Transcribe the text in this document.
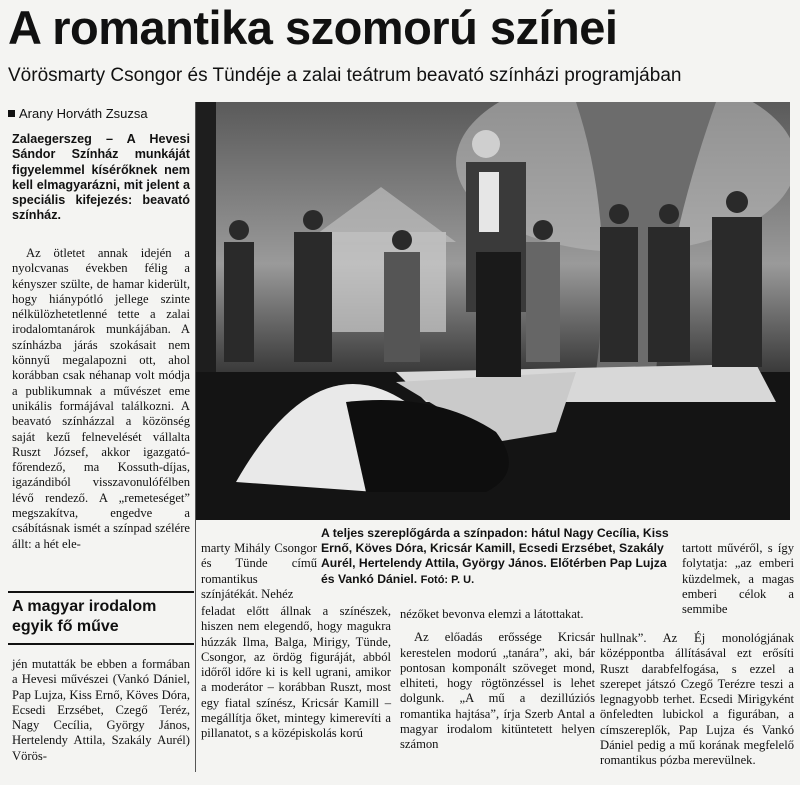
A romantika szomorú színei
Vörösmarty Csongor és Tündéje a zalai teátrum beavató színházi programjában
Arany Horváth Zsuzsa
Zalaegerszeg – A Hevesi Sándor Színház munkáját figyelemmel kísérőknek nem kell elmagyarázni, mit jelent a speciális kifejezés: beavató színház.

Az ötletet annak idején a nyolcvanas években félig a kényszer szülte, de hamar kiderült, hogy hiánypótló jellege szinte nélkülözhetetlenné tette a zalai irodalomtanárok munkájában. A színházba járás szokásait nem könnyű megalapozni ott, ahol korábban csak néhanap volt módja a publikumnak a művészet eme unikális formájával találkozni. A beavató színházzal a közönség saját kezű felnevelését vállalta Ruszt József, akkor igazgató-főrendező, ma Kossuth-díjas, igazándiból visszavonulófélben lévő rendező. A „remeteséget” megszakítva, engedve a csábításnak ismét a színpad szélére állt: a hét ele-

A magyar irodalom egyik fő műve
jén mutatták be ebben a formában a Hevesi művészei (Vankó Dániel, Pap Lujza, Kiss Ernő, Köves Dóra, Ecsedi Erzsébet, Czegő Teréz, Nagy Cecília, György János, Hertelendy Attila, Szakály Aurél) Vörös-
A teljes szereplőgárda a színpadon: hátul Nagy Cecília, Kiss Ernő, Köves Dóra, Kricsár Kamill, Ecsedi Erzsébet, Szakály Aurél, Hertelendy Attila, György János. Előtérben Pap Lujza és Vankó Dániel. Fotó: P. U.
marty Mihály Csongor és Tünde című romantikus színjátékát. Nehéz
feladat előtt állnak a színészek, hiszen nem elegendő, hogy magukra húzzák Ilma, Balga, Mirigy, Tünde, Csongor, az ördög figuráját, abból időről időre ki is kell ugrani, amikor a moderátor – korábban Ruszt, most egy fiatal színész, Kricsár Kamill – megállítja őket, mintegy kimerevíti a pillanatot, s a középiskolás korú

nézőket bevonva elemzi a látottakat.

Az előadás erőssége Kricsár kerestelen modorú „tanára”, aki, bár pontosan komponált szöveget mond, elhiteti, hogy rögtönzéssel is lehet dolgunk. „A mű a dezillúziós romantika hajtása”, írja Szerb Antal a magyar irodalom kitüntetett helyen számon

tartott művéről, s így folytatja: „az emberi küzdelmek, a magas emberi célok a semmibe
hullnak”. Az Éj monológjának középpontba állításával ezt erősíti Ruszt darabfelfogása, s ezzel a szerepet játszó Czegő Terézre teszi a legnagyobb terhet. Ecsedi Mirigyként önfeledten lubickol a figurában, a címszereplők, Pap Lujza és Vankó Dániel pedig a mű korának megfelelő romantikus pózba merevülnek.
